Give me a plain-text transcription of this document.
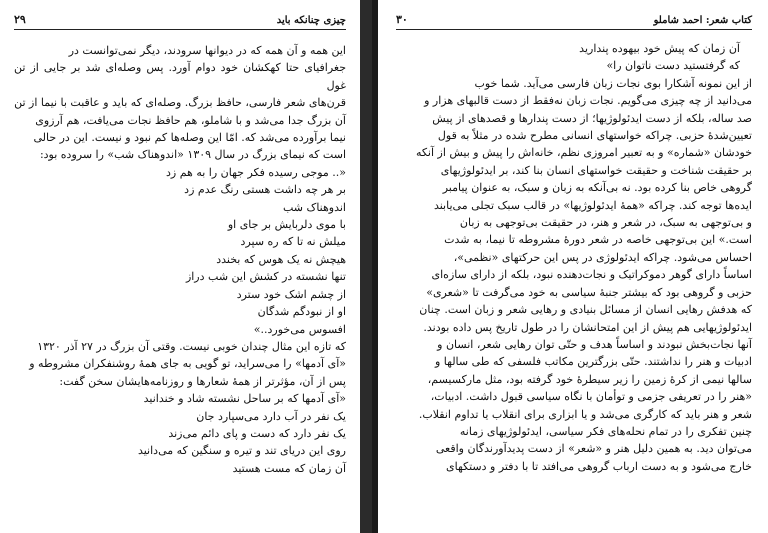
چیزی چنانکه باید
۲۹

این همه و آن همه که در دیوانها سرودند، دیگر نمی‌توانست در

جغرافیای حتا کهکشان خود دوام آورد. پس وصله‌ای شد بر جایی از تن غول

قرن‌های شعر فارسی، حافظ بزرگ. وصله‌ای که باید و عاقبت با نیما از تن

آن بزرگ جدا می‌شد و با شاملو، هم حافظ نجات می‌یافت، هم آرزوی

نیما برآورده می‌شد که. امّا این وصله‌ها کم نبود و نیست. این در حالی

است که نیمای بزرگ در سال ۱۳۰۹ «اندوهناک شب» را سروده بود:

«.. موجی رسیده فکر جهان را به هم زد

بر هر چه داشت هستی رنگ عدم زد

اندوهناک شب

با موی دلربایش بر جای او

میلش نه تا که ره سپرد

هیچش نه یک هوس که بخندد

تنها نشسته در کشش این شب دراز

از چشم اشک خود سترد

او از نبودگم شدگان

افسوس می‌خورد..»

که تازه این مثال چندان خوبی نیست. وقتی آن بزرگ در ۲۷ آذر ۱۳۲۰

«آی آدمها» را می‌سراید، تو گویی به جای همهٔ روشنفکران مشروطه و

پس از آن، مؤثرتر از همهٔ شعارها و روزنامه‌هایشان سخن گفت:

«آی آدمها که بر ساحل نشسته شاد و خندانید

یک نفر در آب دارد می‌سپارد جان

یک نفر دارد که دست و پای دائم می‌زند

روی این دریای تند و تیره و سنگین که می‌دانید

آن زمان که مست هستید

کتاب شعر: احمد شاملو
۳۰

آن زمان که پیش خود بیهوده پندارید

که گرفتستید دست ناتوان را»

از این نمونه آشکارا بوی نجات زبان فارسی می‌آید. شما خوب

می‌دانید از چه چیزی می‌گویم. نجات زبان نه‌فقط از دست قالبهای هزار و

صد ساله، بلکه از دست ایدئولوژیها؛ از دست پندارها و قصدهای از پیش

تعیین‌شدهٔ حزبی. چراکه خواستهای انسانی مطرح شده در مثلاً به قول

خودشان «شماره» و به تعبیر امروزی نظم، خانه‌اش را پیش و بیش از آنکه

بر حقیقت شناخت و حقیقت خواستهای انسان بنا کند، بر ایدئولوژیهای

گروهی خاص بنا کرده بود. نه بی‌آنکه به زبان و سبک، به عنوان پیامبر

ایده‌ها توجه کند. چراکه «همهٔ ایدئولوژیها» در قالب سبک تجلی می‌یابند

و بی‌توجهی به سبک، در شعر و هنر، در حقیقت بی‌توجهی به زبان

است.» این بی‌توجهی خاصه در شعر دورهٔ مشروطه تا نیما، به شدت

احساس می‌شود. چراکه ایدئولوژی در پس این حرکتهای «نظمی»،

اساساً دارای گوهر دموکراتیک و نجات‌دهنده نبود، بلکه از دارای سازه‌ای

حزبی و گروهی بود که بیشتر جنبهٔ سیاسی به خود می‌گرفت تا «شعری»

که هدفش رهایی انسان از مسائل بنیادی و رهایی شعر و زبان است. چنان

ایدئولوژیهایی هم پیش از این امتحانشان را در طول تاریخ پس داده بودند.

آنها نجات‌بخش نبودند و اساساً هدف و حتّی توان رهایی شعر، انسان و

ادبیات و هنر را نداشتند. حتّی بزرگترین مکاتب فلسفی که طی سالها و

سالها نیمی از کرهٔ زمین را زیر سیطرهٔ خود گرفته بود، مثل مارکسیسم،

«هنر را در تعریفی جزمی و توأمان با نگاه سیاسی قبول داشت. ادبیات،

شعر و هنر باید که کارگری می‌شد و یا ابزاری برای انقلاب یا تداوم انقلاب.

چنین تفکری را در تمام نحله‌های فکر سیاسی، ایدئولوژیهای زمانه

می‌توان دید. به همین دلیل هنر و «شعر» از دست پدیدآورندگان واقعی

خارج می‌شود و به دست ارباب گروهی می‌افتد تا با دفتر و دستکهای
